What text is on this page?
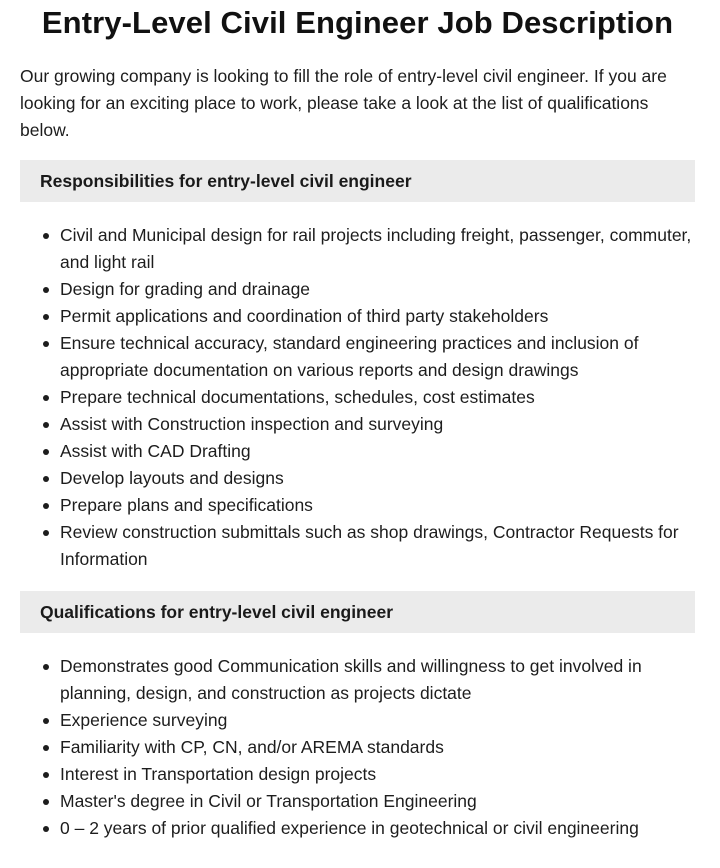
Entry-Level Civil Engineer Job Description

Our growing company is looking to fill the role of entry-level civil engineer. If you are looking for an exciting place to work, please take a look at the list of qualifications below.

Responsibilities for entry-level civil engineer
Civil and Municipal design for rail projects including freight, passenger, commuter, and light rail
Design for grading and drainage
Permit applications and coordination of third party stakeholders
Ensure technical accuracy, standard engineering practices and inclusion of appropriate documentation on various reports and design drawings
Prepare technical documentations, schedules, cost estimates
Assist with Construction inspection and surveying
Assist with CAD Drafting
Develop layouts and designs
Prepare plans and specifications
Review construction submittals such as shop drawings, Contractor Requests for Information
Qualifications for entry-level civil engineer
Demonstrates good Communication skills and willingness to get involved in planning, design, and construction as projects dictate
Experience surveying
Familiarity with CP, CN, and/or AREMA standards
Interest in Transportation design projects
Master's degree in Civil or Transportation Engineering
0 – 2 years of prior qualified experience in geotechnical or civil engineering
